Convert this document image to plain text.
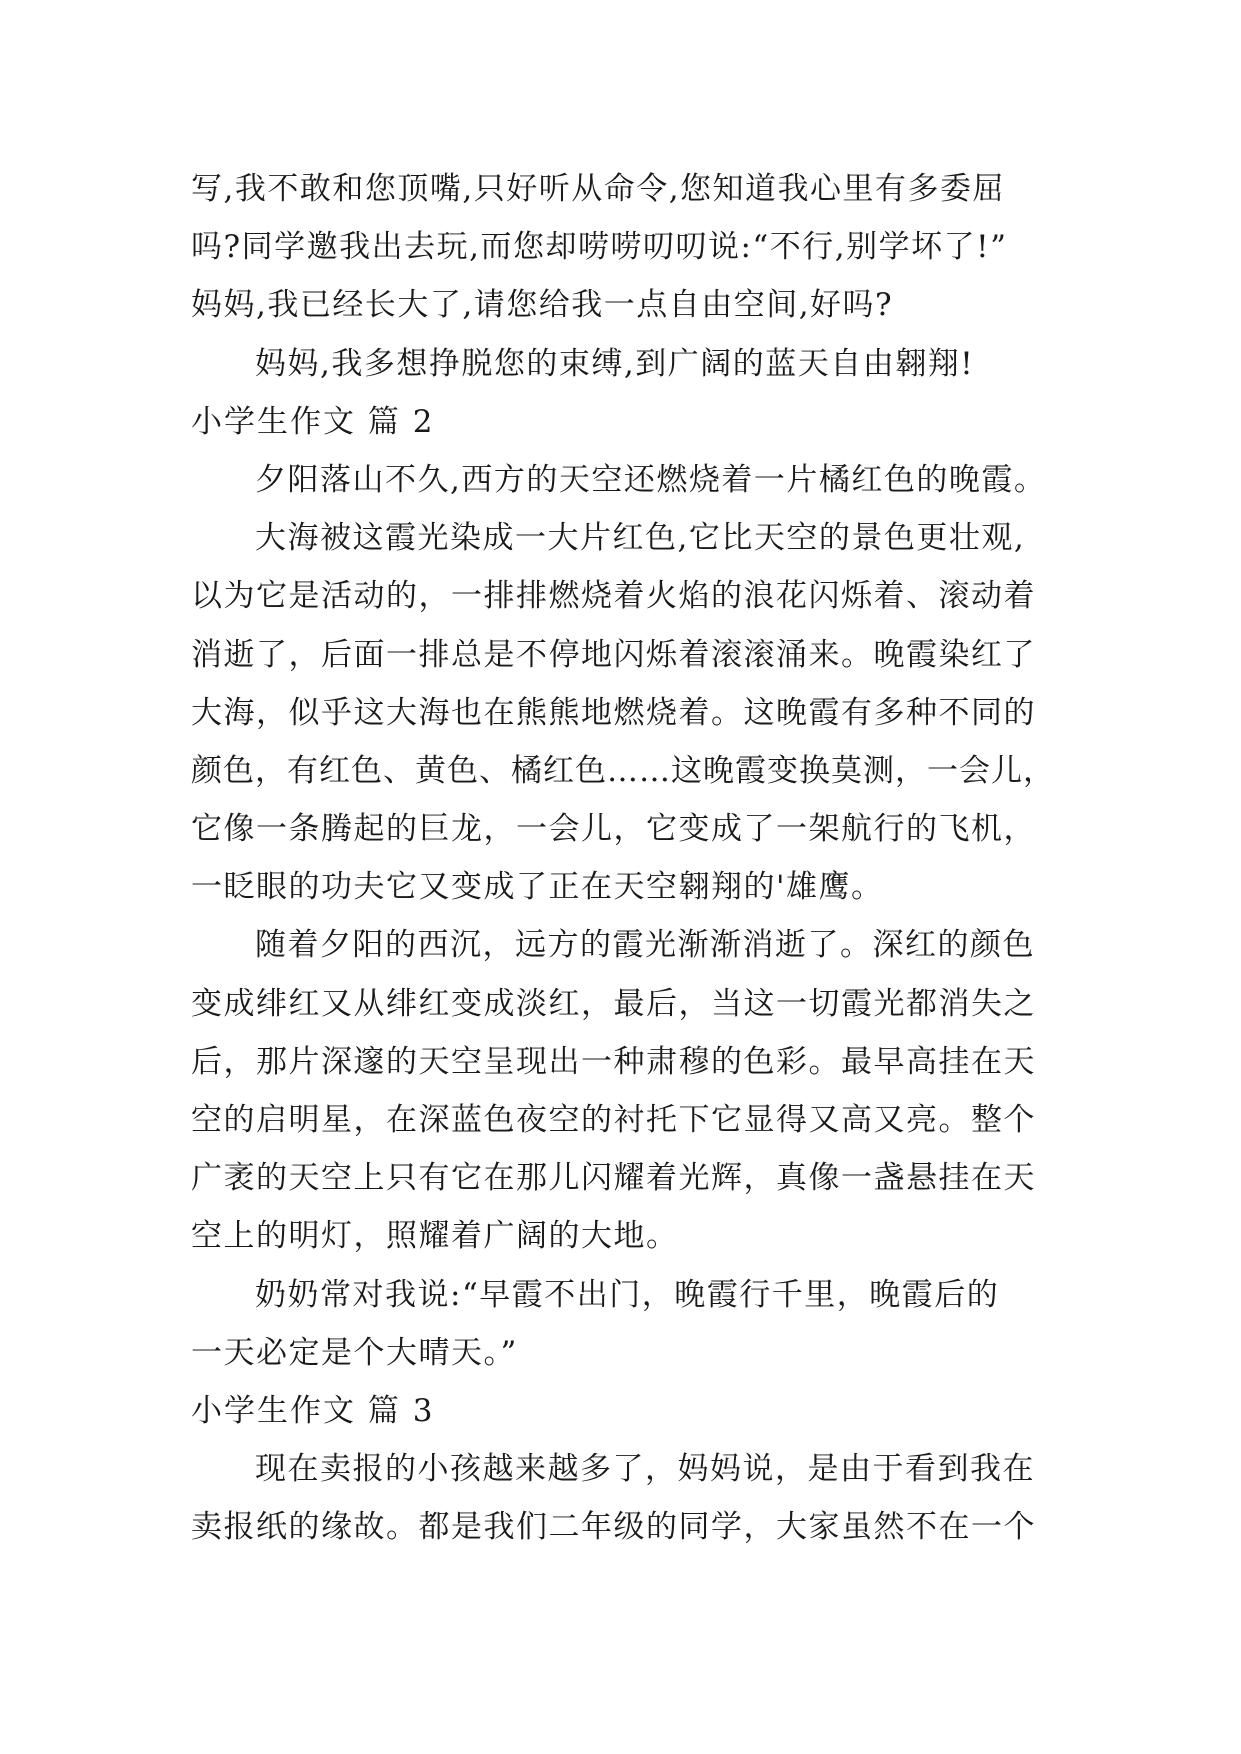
写,我不敢和您顶嘴,只好听从命令,您知道我心里有多委屈
吗?同学邀我出去玩,而您却唠唠叨叨说:“不行,别学坏了!”
妈妈,我已经长大了,请您给我一点自由空间,好吗?
妈妈,我多想挣脱您的束缚,到广阔的蓝天自由翱翔!
小学生作文 篇 2
夕阳落山不久,西方的天空还燃烧着一片橘红色的晚霞。
大海被这霞光染成一大片红色,它比天空的景色更壮观,
以为它是活动的，一排排燃烧着火焰的浪花闪烁着、滚动着
消逝了，后面一排总是不停地闪烁着滚滚涌来。晚霞染红了
大海，似乎这大海也在熊熊地燃烧着。这晚霞有多种不同的
颜色，有红色、黄色、橘红色……这晚霞变换莫测，一会儿，
它像一条腾起的巨龙，一会儿，它变成了一架航行的飞机，
一眨眼的功夫它又变成了正在天空翱翔的'雄鹰。
随着夕阳的西沉，远方的霞光渐渐消逝了。深红的颜色
变成绯红又从绯红变成淡红，最后，当这一切霞光都消失之
后，那片深邃的天空呈现出一种肃穆的色彩。最早高挂在天
空的启明星，在深蓝色夜空的衬托下它显得又高又亮。整个
广袤的天空上只有它在那儿闪耀着光辉，真像一盏悬挂在天
空上的明灯，照耀着广阔的大地。
奶奶常对我说:“早霞不出门，晚霞行千里，晚霞后的
一天必定是个大晴天。”
小学生作文 篇 3
现在卖报的小孩越来越多了，妈妈说，是由于看到我在
卖报纸的缘故。都是我们二年级的同学，大家虽然不在一个
